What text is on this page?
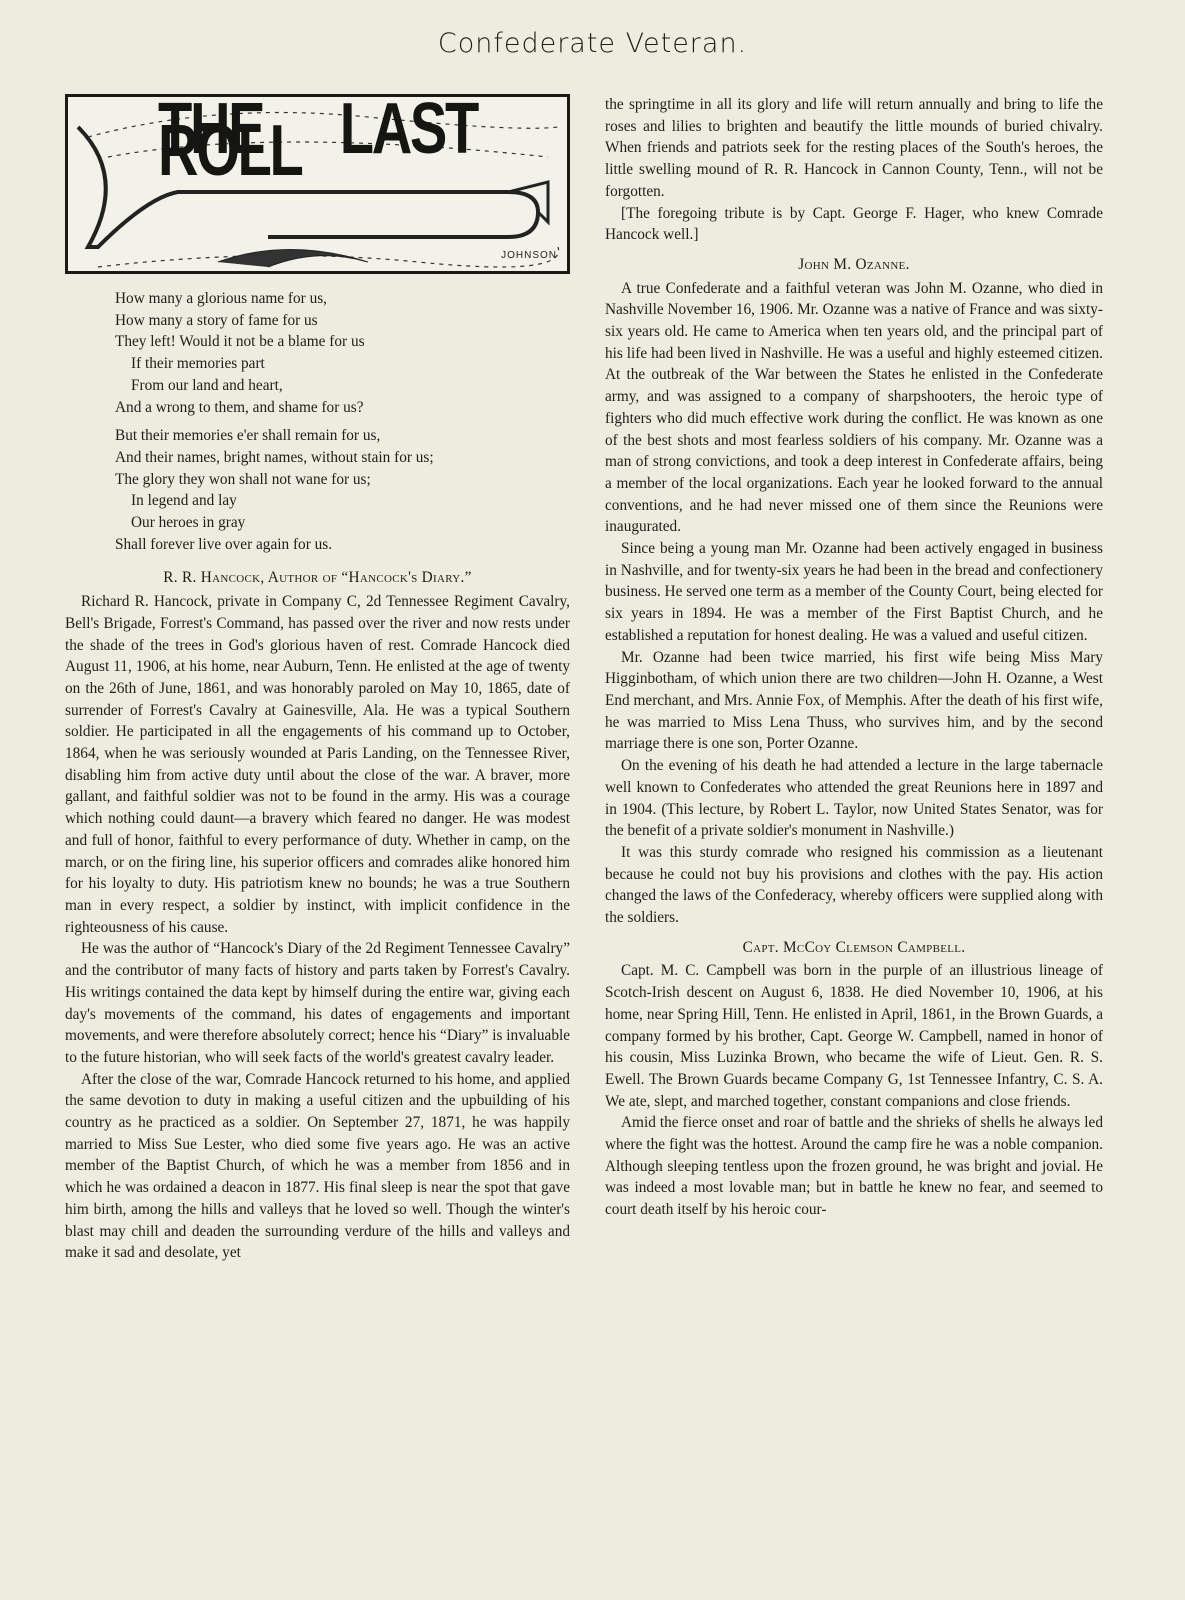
Confederate Veteran.
THE LAST ROLL
JOHNSON
How many a glorious name for us,
How many a story of fame for us
They left! Would it not be a blame for us
If their memories part
From our land and heart,
And a wrong to them, and shame for us?
But their memories e'er shall remain for us,
And their names, bright names, without stain for us;
The glory they won shall not wane for us;
In legend and lay
Our heroes in gray
Shall forever live over again for us.
R. R. Hancock, Author of “Hancock's Diary.”

Richard R. Hancock, private in Company C, 2d Tennessee Regiment Cavalry, Bell's Brigade, Forrest's Command, has passed over the river and now rests under the shade of the trees in God's glorious haven of rest. Comrade Hancock died August 11, 1906, at his home, near Auburn, Tenn. He enlisted at the age of twenty on the 26th of June, 1861, and was honorably paroled on May 10, 1865, date of surrender of Forrest's Cavalry at Gainesville, Ala. He was a typical Southern soldier. He participated in all the engagements of his command up to October, 1864, when he was seriously wounded at Paris Landing, on the Tennessee River, disabling him from active duty until about the close of the war. A braver, more gallant, and faithful soldier was not to be found in the army. His was a courage which nothing could daunt—a bravery which feared no danger. He was modest and full of honor, faithful to every performance of duty. Whether in camp, on the march, or on the firing line, his superior officers and comrades alike honored him for his loyalty to duty. His patriotism knew no bounds; he was a true Southern man in every respect, a soldier by instinct, with implicit confidence in the righteousness of his cause.

He was the author of “Hancock's Diary of the 2d Regiment Tennessee Cavalry” and the contributor of many facts of history and parts taken by Forrest's Cavalry. His writings contained the data kept by himself during the entire war, giving each day's movements of the command, his dates of engagements and important movements, and were therefore absolutely correct; hence his “Diary” is invaluable to the future historian, who will seek facts of the world's greatest cavalry leader.

After the close of the war, Comrade Hancock returned to his home, and applied the same devotion to duty in making a useful citizen and the upbuilding of his country as he practiced as a soldier. On September 27, 1871, he was happily married to Miss Sue Lester, who died some five years ago. He was an active member of the Baptist Church, of which he was a member from 1856 and in which he was ordained a deacon in 1877. His final sleep is near the spot that gave him birth, among the hills and valleys that he loved so well. Though the winter's blast may chill and deaden the surrounding verdure of the hills and valleys and make it sad and desolate, yet

the springtime in all its glory and life will return annually and bring to life the roses and lilies to brighten and beautify the little mounds of buried chivalry. When friends and patriots seek for the resting places of the South's heroes, the little swelling mound of R. R. Hancock in Cannon County, Tenn., will not be forgotten.

[The foregoing tribute is by Capt. George F. Hager, who knew Comrade Hancock well.]

John M. Ozanne.

A true Confederate and a faithful veteran was John M. Ozanne, who died in Nashville November 16, 1906. Mr. Ozanne was a native of France and was sixty-six years old. He came to America when ten years old, and the principal part of his life had been lived in Nashville. He was a useful and highly esteemed citizen. At the outbreak of the War between the States he enlisted in the Confederate army, and was assigned to a company of sharpshooters, the heroic type of fighters who did much effective work during the conflict. He was known as one of the best shots and most fearless soldiers of his company. Mr. Ozanne was a man of strong convictions, and took a deep interest in Confederate affairs, being a member of the local organizations. Each year he looked forward to the annual conventions, and he had never missed one of them since the Reunions were inaugurated.

Since being a young man Mr. Ozanne had been actively engaged in business in Nashville, and for twenty-six years he had been in the bread and confectionery business. He served one term as a member of the County Court, being elected for six years in 1894. He was a member of the First Baptist Church, and he established a reputation for honest dealing. He was a valued and useful citizen.

Mr. Ozanne had been twice married, his first wife being Miss Mary Higginbotham, of which union there are two children—John H. Ozanne, a West End merchant, and Mrs. Annie Fox, of Memphis. After the death of his first wife, he was married to Miss Lena Thuss, who survives him, and by the second marriage there is one son, Porter Ozanne.

On the evening of his death he had attended a lecture in the large tabernacle well known to Confederates who attended the great Reunions here in 1897 and in 1904. (This lecture, by Robert L. Taylor, now United States Senator, was for the benefit of a private soldier's monument in Nashville.)

It was this sturdy comrade who resigned his commission as a lieutenant because he could not buy his provisions and clothes with the pay. His action changed the laws of the Confederacy, whereby officers were supplied along with the soldiers.

Capt. McCoy Clemson Campbell.

Capt. M. C. Campbell was born in the purple of an illustrious lineage of Scotch-Irish descent on August 6, 1838. He died November 10, 1906, at his home, near Spring Hill, Tenn. He enlisted in April, 1861, in the Brown Guards, a company formed by his brother, Capt. George W. Campbell, named in honor of his cousin, Miss Luzinka Brown, who became the wife of Lieut. Gen. R. S. Ewell. The Brown Guards became Company G, 1st Tennessee Infantry, C. S. A. We ate, slept, and marched together, constant companions and close friends.

Amid the fierce onset and roar of battle and the shrieks of shells he always led where the fight was the hottest. Around the camp fire he was a noble companion. Although sleeping tentless upon the frozen ground, he was bright and jovial. He was indeed a most lovable man; but in battle he knew no fear, and seemed to court death itself by his heroic cour-
